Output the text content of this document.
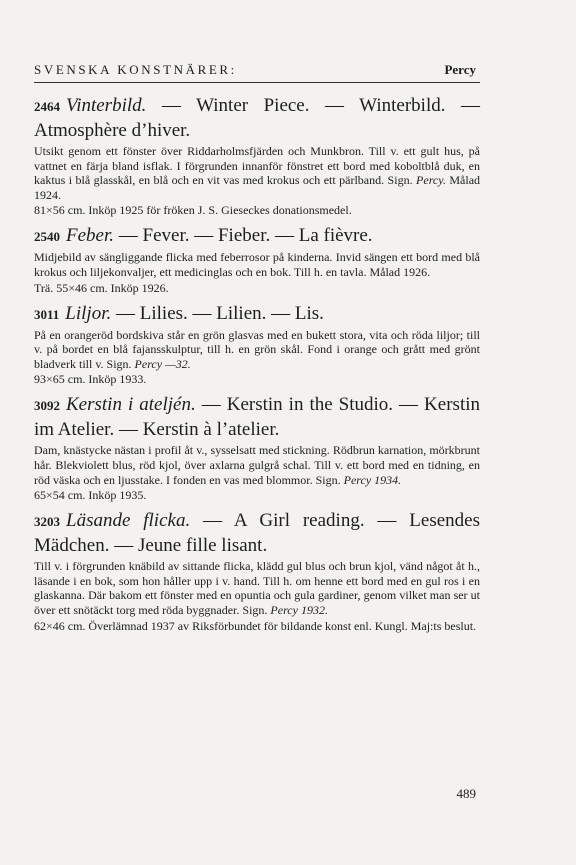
SVENSKA KONSTNÄRER:	Percy
2464 Vinterbild. — Winter Piece. — Winterbild. — Atmosphère d’hiver.
Utsikt genom ett fönster över Riddarholmsfjärden och Munkbron. Till v. ett gult hus, på vattnet en färja bland isflak. I förgrunden innanför fönstret ett bord med koboltblå duk, en kaktus i blå glasskål, en blå och en vit vas med krokus och ett pärlband. Sign. Percy. Målad 1924.
81×56 cm. Inköp 1925 för fröken J. S. Gieseckes donationsmedel.
2540 Feber. — Fever. — Fieber. — La fièvre.
Midjebild av sängliggande flicka med feberrosor på kinderna. Invid sängen ett bord med blå krokus och liljekonvaljer, ett medicinglas och en bok. Till h. en tavla. Målad 1926.
Trä. 55×46 cm. Inköp 1926.
3011 Liljor. — Lilies. — Lilien. — Lis.
På en orangeröd bordskiva står en grön glasvas med en bukett stora, vita och röda liljor; till v. på bordet en blå fajansskulptur, till h. en grön skål. Fond i orange och grått med grönt bladverk till v. Sign. Percy —32.
93×65 cm. Inköp 1933.
3092 Kerstin i ateljén. — Kerstin in the Studio. — Kerstin im Atelier. — Kerstin à l’atelier.
Dam, knästycke nästan i profil åt v., sysselsatt med stickning. Rödbrun karnation, mörkbrunt hår. Blekviolett blus, röd kjol, över axlarna gulgrå schal. Till v. ett bord med en tidning, en röd väska och en ljusstake. I fonden en vas med blommor. Sign. Percy 1934.
65×54 cm. Inköp 1935.
3203 Läsande flicka. — A Girl reading. — Lesendes Mädchen. — Jeune fille lisant.
Till v. i förgrunden knäbild av sittande flicka, klädd gul blus och brun kjol, vänd något åt h., läsande i en bok, som hon håller upp i v. hand. Till h. om henne ett bord med en gul ros i en glaskanna. Där bakom ett fönster med en opuntia och gula gardiner, genom vilket man ser ut över ett snötäckt torg med röda byggnader. Sign. Percy 1932.
62×46 cm. Överlämnad 1937 av Riksförbundet för bildande konst enl. Kungl. Maj:ts beslut.
489
